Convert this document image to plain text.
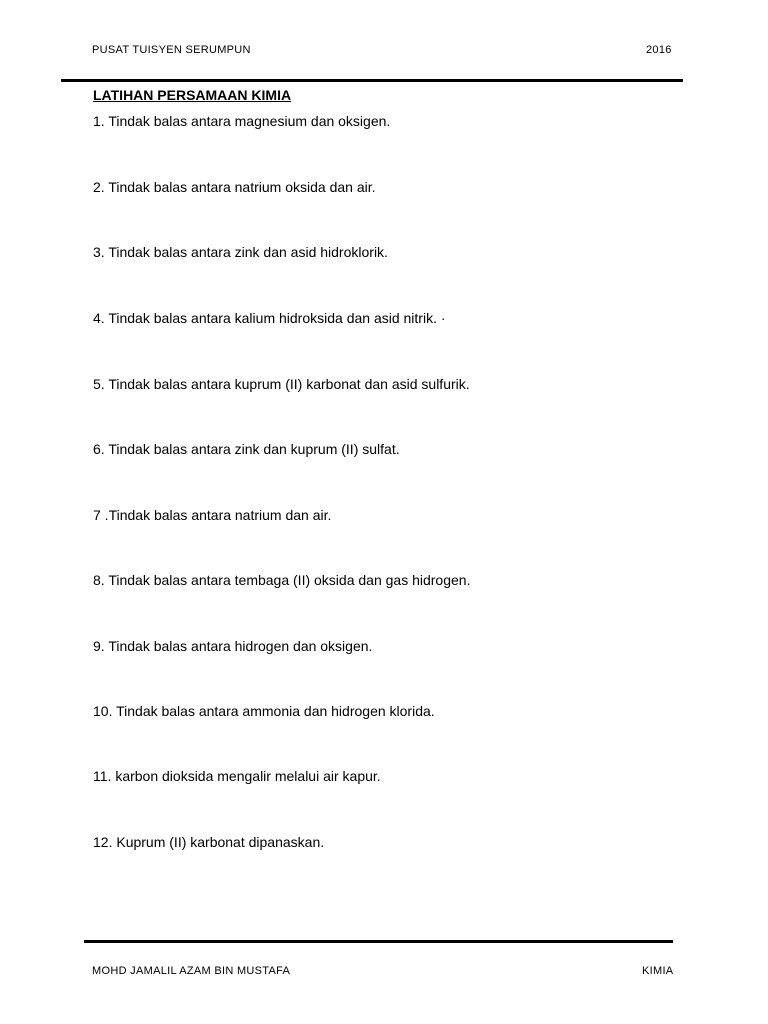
PUSAT TUISYEN SERUMPUN	2016
LATIHAN PERSAMAAN KIMIA
1. Tindak balas antara magnesium dan oksigen.
2. Tindak balas antara natrium oksida dan air.
3. Tindak balas antara zink dan asid hidroklorik.
4. Tindak balas antara kalium hidroksida dan asid nitrik. ·
5. Tindak balas antara kuprum (II) karbonat dan asid sulfurik.
6. Tindak balas antara zink dan kuprum (II) sulfat.
7 .Tindak balas antara natrium dan air.
8. Tindak balas antara tembaga (II) oksida dan gas hidrogen.
9. Tindak balas antara hidrogen dan oksigen.
10. Tindak balas antara ammonia dan hidrogen klorida.
11. karbon dioksida mengalir melalui air kapur.
12. Kuprum (II) karbonat dipanaskan.
MOHD JAMALIL AZAM BIN MUSTAFA	KIMIA
